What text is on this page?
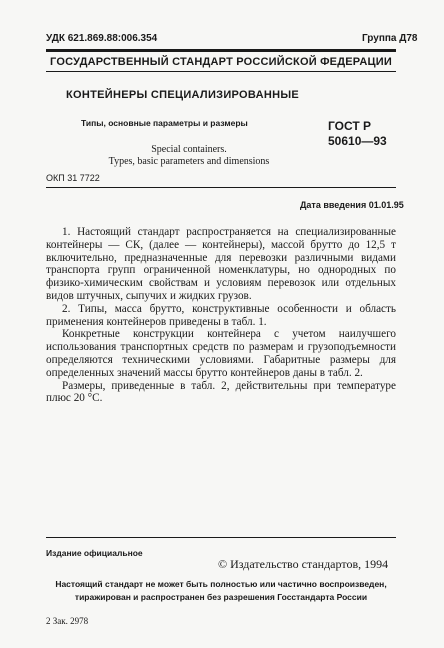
УДК 621.869.88:006.354	Группа Д78
ГОСУДАРСТВЕННЫЙ СТАНДАРТ РОССИЙСКОЙ ФЕДЕРАЦИИ
КОНТЕЙНЕРЫ СПЕЦИАЛИЗИРОВАННЫЕ
Типы, основные параметры и размеры	ГОСТ Р
50610—93
Special containers.
Types, basic parameters and dimensions
ОКП 31 7722
Дата введения 01.01.95

1. Настоящий стандарт распространяется на специализированные контейнеры — СК, (далее — контейнеры), массой брутто до 12,5 т включительно, предназначенные для перевозки различными видами транспорта групп ограниченной номенклатуры, но однородных по физико-химическим свойствам и условиям перевозок или отдельных видов штучных, сыпучих и жидких грузов.

2. Типы, масса брутто, конструктивные особенности и область применения контейнеров приведены в табл. 1.

Конкретные конструкции контейнера с учетом наилучшего использования транспортных средств по размерам и грузоподъемности определяются техническими условиями. Габаритные размеры для определенных значений массы брутто контейнеров даны в табл. 2.

Размеры, приведенные в табл. 2, действительны при температуре плюс 20 °С.

Издание официальное
© Издательство стандартов, 1994
Настоящий стандарт не может быть полностью или частично воспроизведен,
тиражирован и распространен без разрешения Госстандарта России
2 Зак. 2978
